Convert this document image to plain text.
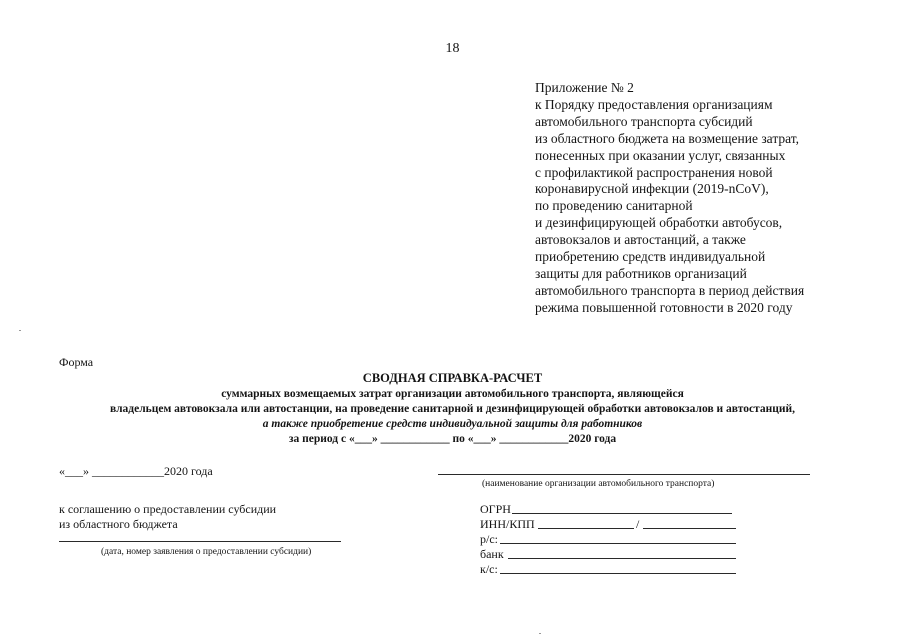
18
Приложение № 2
к Порядку предоставления организациям
автомобильного транспорта субсидий
из областного бюджета на возмещение затрат,
понесенных при оказании услуг, связанных
с профилактикой распространения новой
коронавирусной инфекции (2019-nCoV),
по проведению санитарной
и дезинфицирующей обработки автобусов,
автовокзалов и автостанций, а также
приобретению средств индивидуальной
защиты для работников организаций
автомобильного транспорта в период действия
режима повышенной готовности в 2020 году
Форма
СВОДНАЯ СПРАВКА-РАСЧЕТ
суммарных возмещаемых затрат организации автомобильного транспорта, являющейся
владельцем автовокзала или автостанции, на проведение санитарной и дезинфицирующей обработки автовокзалов и автостанций,
а также приобретение средств индивидуальной защиты для работников
за период с «___» ____________ по «___» ____________2020 года
«___» ____________2020 года
(наименование организации автомобильного транспорта)
к соглашению о предоставлении субсидии
из областного бюджета
(дата, номер заявления о предоставлении субсидии)
ОГРН
ИНН/КПП	/
р/с:
банк
к/с:
